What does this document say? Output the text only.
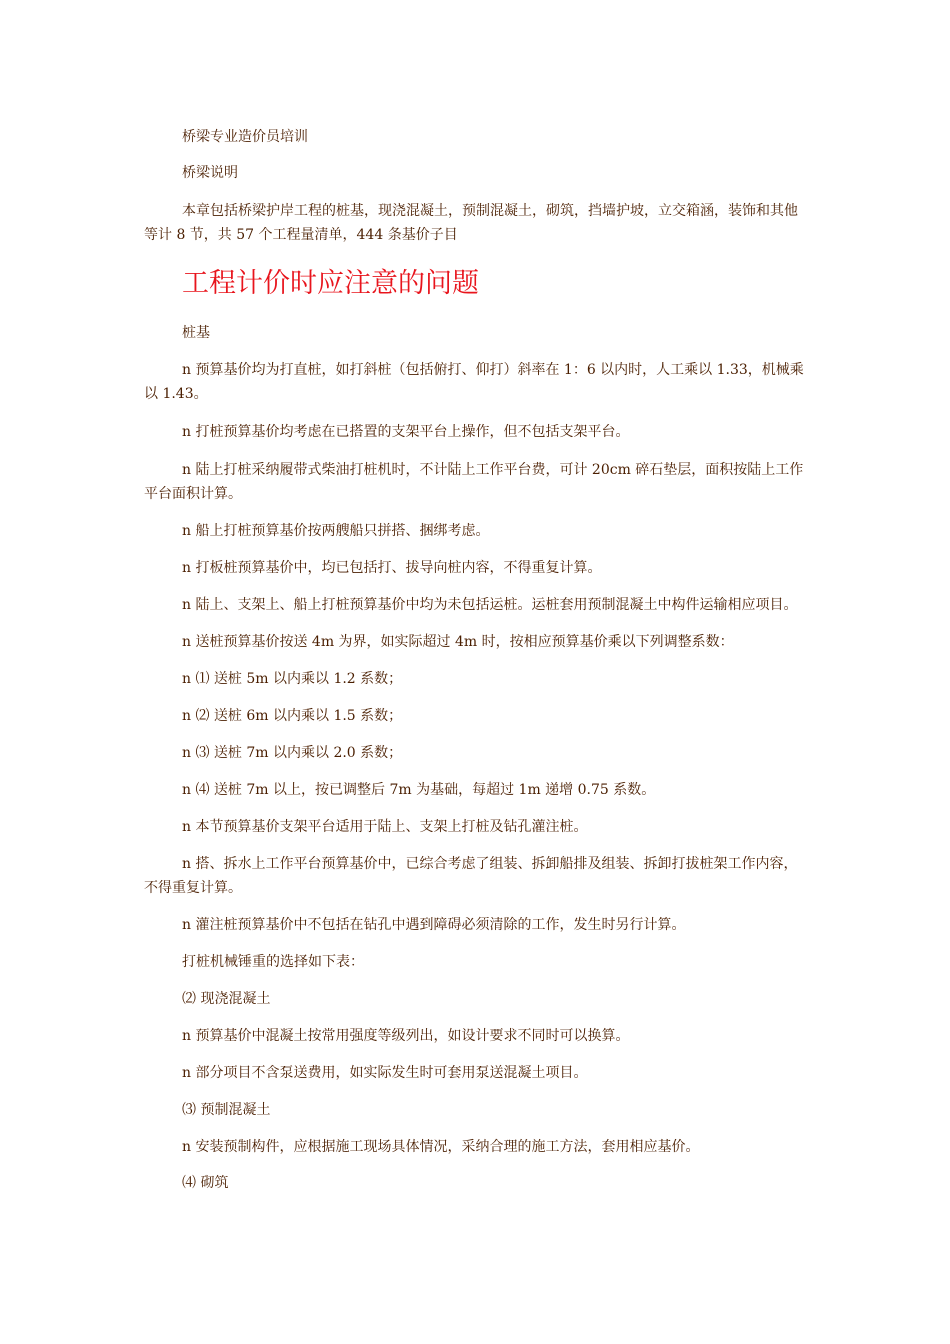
桥梁专业造价员培训
桥梁说明
本章包括桥梁护岸工程的桩基，现浇混凝土，预制混凝土，砌筑，挡墙护坡，立交箱涵，装饰和其他等计 8 节，共 57 个工程量清单，444 条基价子目
工程计价时应注意的问题
桩基
n 预算基价均为打直桩，如打斜桩（包括俯打、仰打）斜率在 1：6 以内时，人工乘以 1.33，机械乘以 1.43。
n 打桩预算基价均考虑在已搭置的支架平台上操作，但不包括支架平台。
n 陆上打桩采纳履带式柴油打桩机时，不计陆上工作平台费，可计 20cm 碎石垫层，面积按陆上工作平台面积计算。
n 船上打桩预算基价按两艘船只拼搭、捆绑考虑。
n 打板桩预算基价中，均已包括打、拔导向桩内容，不得重复计算。
n 陆上、支架上、船上打桩预算基价中均为未包括运桩。运桩套用预制混凝土中构件运输相应项目。
n 送桩预算基价按送 4m 为界，如实际超过 4m 时，按相应预算基价乘以下列调整系数：
n ⑴ 送桩 5m 以内乘以 1.2 系数；
n ⑵ 送桩 6m 以内乘以 1.5 系数；
n ⑶ 送桩 7m 以内乘以 2.0 系数；
n ⑷ 送桩 7m 以上，按已调整后 7m 为基础，每超过 1m 递增 0.75 系数。
n 本节预算基价支架平台适用于陆上、支架上打桩及钻孔灌注桩。
n 搭、拆水上工作平台预算基价中，已综合考虑了组装、拆卸船排及组装、拆卸打拔桩架工作内容，不得重复计算。
n 灌注桩预算基价中不包括在钻孔中遇到障碍必须清除的工作，发生时另行计算。
打桩机械锤重的选择如下表：
⑵ 现浇混凝土
n 预算基价中混凝土按常用强度等级列出，如设计要求不同时可以换算。
n 部分项目不含泵送费用，如实际发生时可套用泵送混凝土项目。
⑶ 预制混凝土
n 安装预制构件，应根据施工现场具体情况，采纳合理的施工方法，套用相应基价。
⑷ 砌筑
